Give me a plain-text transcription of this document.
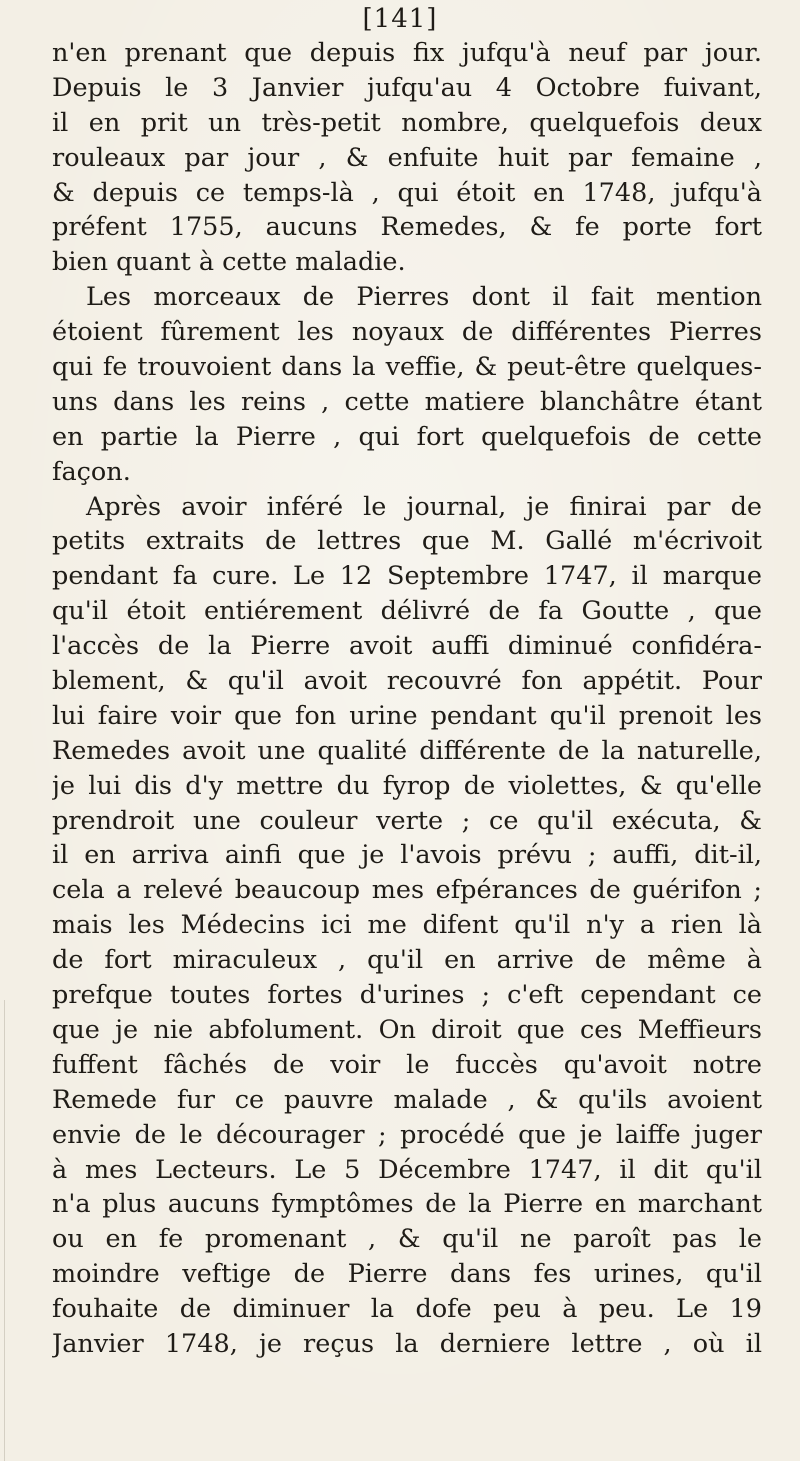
[141]
n'en prenant que depuis fix jufqu'à neuf par jour.
Depuis le 3 Janvier jufqu'au 4 Octobre fuivant,
il en prit un très-petit nombre, quelquefois deux
rouleaux par jour , & enfuite huit par femaine ,
& depuis ce temps-là , qui étoit en 1748, jufqu'à
préfent 1755, aucuns Remedes, & fe porte fort
bien quant à cette maladie.
Les morceaux de Pierres dont il fait mention
étoient fûrement les noyaux de différentes Pierres
qui fe trouvoient dans la veffie, & peut-être quelques-
uns dans les reins , cette matiere blanchâtre étant
en partie la Pierre , qui fort quelquefois de cette
façon.
Après avoir inféré le journal, je finirai par de
petits extraits de lettres que M. Gallé m'écrivoit
pendant fa cure. Le 12 Septembre 1747, il marque
qu'il étoit entiérement délivré de fa Goutte , que
l'accès de la Pierre avoit auffi diminué confidéra-
blement, & qu'il avoit recouvré fon appétit. Pour
lui faire voir que fon urine pendant qu'il prenoit les
Remedes avoit une qualité différente de la naturelle,
je lui dis d'y mettre du fyrop de violettes, & qu'elle
prendroit une couleur verte ; ce qu'il exécuta, &
il en arriva ainfi que je l'avois prévu ; auffi, dit-il,
cela a relevé beaucoup mes efpérances de guérifon ;
mais les Médecins ici me difent qu'il n'y a rien là
de fort miraculeux , qu'il en arrive de même à
prefque toutes fortes d'urines ; c'eft cependant ce
que je nie abfolument. On diroit que ces Meffieurs
fuffent fâchés de voir le fuccès qu'avoit notre
Remede fur ce pauvre malade , & qu'ils avoient
envie de le décourager ; procédé que je laiffe juger
à mes Lecteurs. Le 5 Décembre 1747, il dit qu'il
n'a plus aucuns fymptômes de la Pierre en marchant
ou en fe promenant , & qu'il ne paroît pas le
moindre veftige de Pierre dans fes urines, qu'il
fouhaite de diminuer la dofe peu à peu. Le 19
Janvier 1748, je reçus la derniere lettre , où il
